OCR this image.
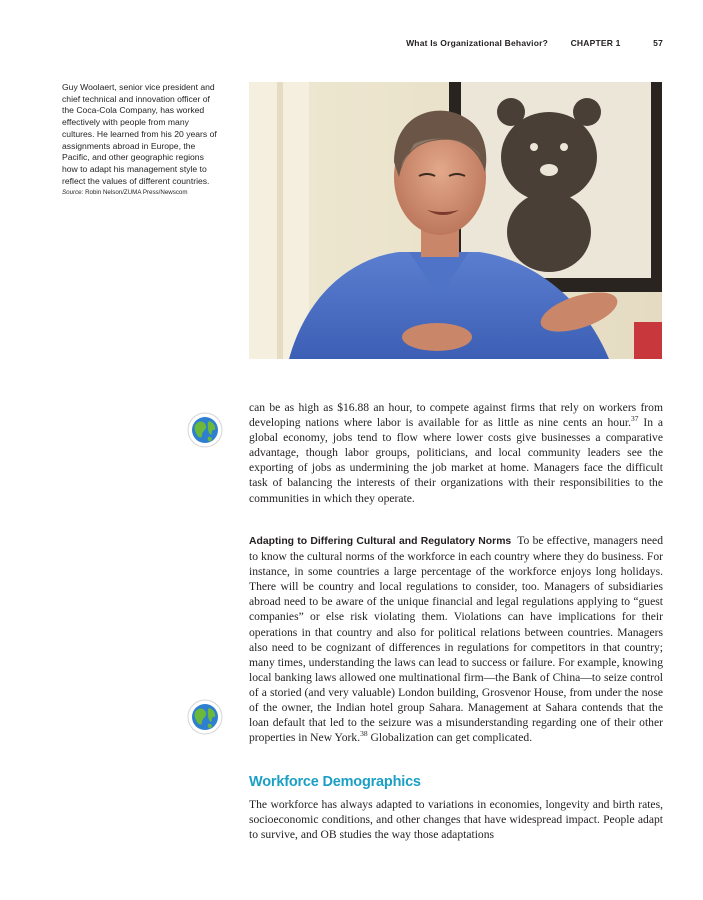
What Is Organizational Behavior?	CHAPTER 1	57
Guy Woolaert, senior vice president and chief technical and innovation officer of the Coca-Cola Company, has worked effectively with people from many cultures. He learned from his 20 years of assignments abroad in Europe, the Pacific, and other geographic regions how to adapt his management style to reflect the values of different countries.
Source: Robin Nelson/ZUMA Press/Newscom

can be as high as $16.88 an hour, to compete against firms that rely on workers from developing nations where labor is available for as little as nine cents an hour.$^{37}$ In a global economy, jobs tend to flow where lower costs give businesses a comparative advantage, though labor groups, politicians, and local community leaders see the exporting of jobs as undermining the job market at home. Managers face the difficult task of balancing the interests of their organizations with their responsibilities to the communities in which they operate.

Adapting to Differing Cultural and Regulatory Norms To be effective, managers need to know the cultural norms of the workforce in each country where they do business. For instance, in some countries a large percentage of the workforce enjoys long holidays. There will be country and local regulations to consider, too. Managers of subsidiaries abroad need to be aware of the unique financial and legal regulations applying to “guest companies” or else risk violating them. Violations can have implications for their operations in that country and also for political relations between countries. Managers also need to be cognizant of differences in regulations for competitors in that country; many times, understanding the laws can lead to success or failure. For example, knowing local banking laws allowed one multinational firm—the Bank of China—to seize control of a storied (and very valuable) London building, Grosvenor House, from under the nose of the owner, the Indian hotel group Sahara. Management at Sahara contends that the loan default that led to the seizure was a misunderstanding regarding one of their other properties in New York.$^{38}$ Globalization can get complicated.

Workforce Demographics

The workforce has always adapted to variations in economies, longevity and birth rates, socioeconomic conditions, and other changes that have widespread impact. People adapt to survive, and OB studies the way those adaptations
